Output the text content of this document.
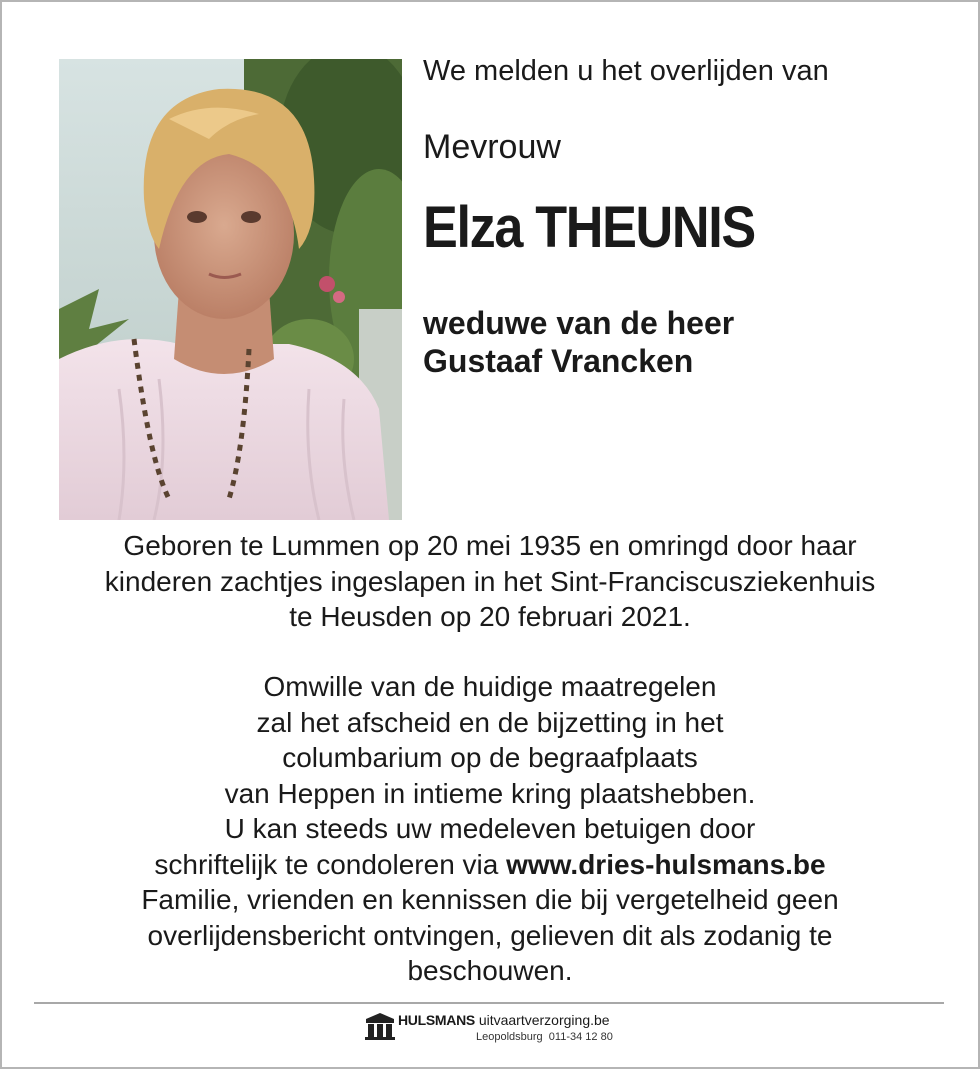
We melden u het overlijden van
Mevrouw
Elza THEUNIS
weduwe van de heer
Gustaaf Vrancken
Geboren te Lummen op 20 mei 1935 en omringd door haar
kinderen zachtjes ingeslapen in het Sint-Franciscusziekenhuis
te Heusden op 20 februari 2021.
Omwille van de huidige maatregelen
zal het afscheid en de bijzetting in het
columbarium op de begraafplaats
van Heppen in intieme kring plaatshebben.
U kan steeds uw medeleven betuigen door
schriftelijk te condoleren via www.dries-hulsmans.be
Familie, vrienden en kennissen die bij vergetelheid geen
overlijdensbericht ontvingen, gelieven dit als zodanig te
beschouwen.
HULSMANS uitvaartverzorging.be
Leopoldsburg 011-34 12 80
